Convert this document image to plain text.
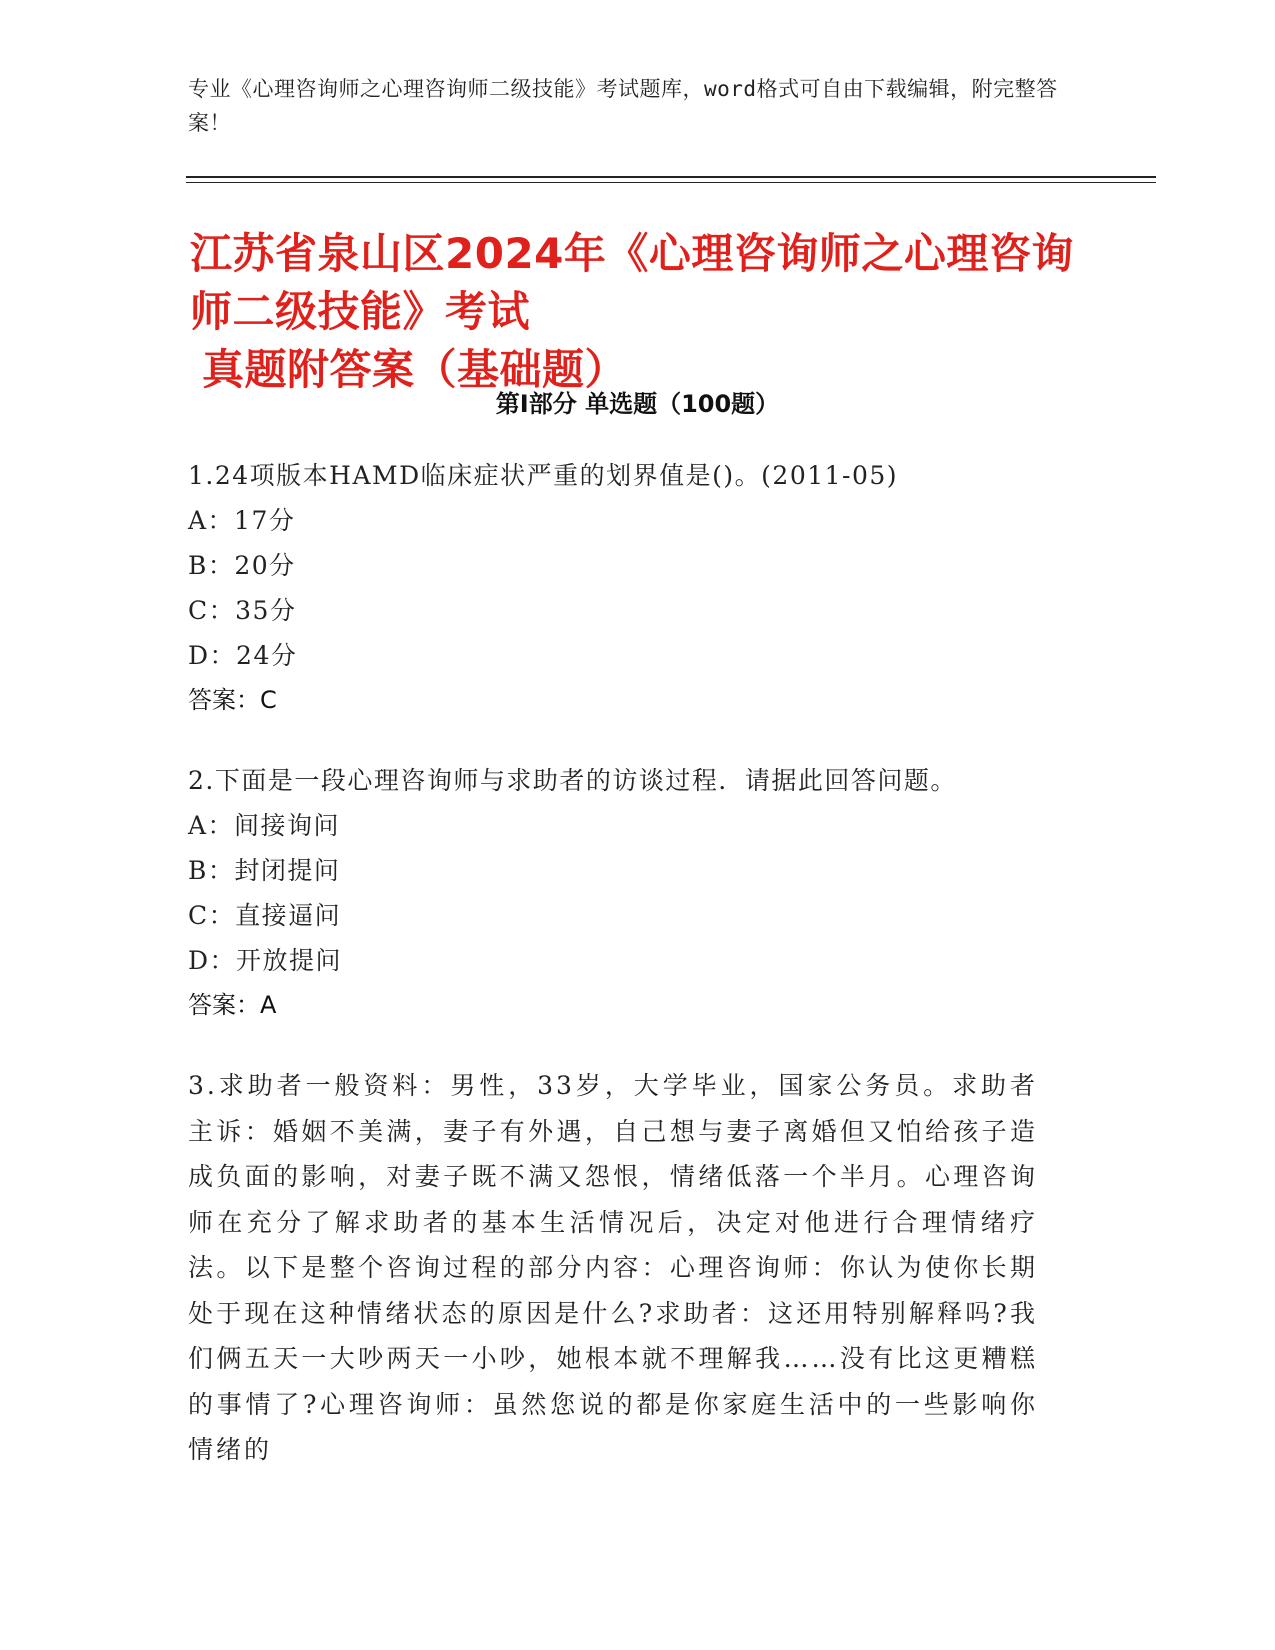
专业《心理咨询师之心理咨询师二级技能》考试题库，word格式可自由下载编辑，附完整答案！
江苏省泉山区2024年《心理咨询师之心理咨询师二级技能》考试
真题附答案（基础题）
第Ⅰ部分 单选题（100题）
1.24项版本HAMD临床症状严重的划界值是()。(2011-05)
A：17分
B：20分
C：35分
D：24分
答案：C
2.下面是一段心理咨询师与求助者的访谈过程．请据此回答问题。
A：间接询问
B：封闭提问
C：直接逼问
D：开放提问
答案：A
3.求助者一般资料：男性，33岁，大学毕业，国家公务员。求助者主诉：婚姻不美满，妻子有外遇，自己想与妻子离婚但又怕给孩子造成负面的影响，对妻子既不满又怨恨，情绪低落一个半月。心理咨询师在充分了解求助者的基本生活情况后，决定对他进行合理情绪疗法。以下是整个咨询过程的部分内容：心理咨询师：你认为使你长期处于现在这种情绪状态的原因是什么?求助者：这还用特别解释吗?我们俩五天一大吵两天一小吵，她根本就不理解我……没有比这更糟糕的事情了?心理咨询师：虽然您说的都是你家庭生活中的一些影响你情绪的
